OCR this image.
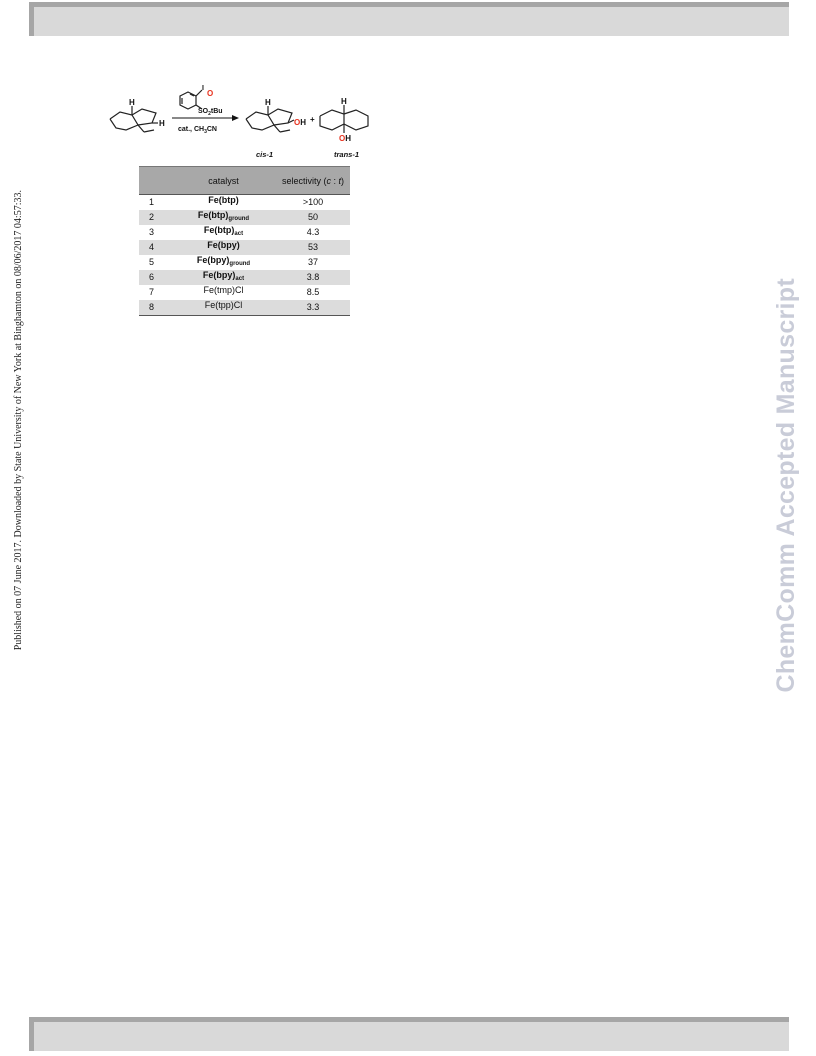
Published on 07 June 2017. Downloaded by State University of New York at Binghamton on 08/06/2017 04:57:33.	ChemComm Accepted Manuscript
H
H
I
O
$SO_2tBu$
cat., $CH_3CN$
H
OH
cis-1
+
H
OH
trans-1
	catalyst	selectivity (c : t)
1	Fe(btp)	>100
2	$Fe(btp)_{ground}$	50
3	$Fe(btp)_{act}$	4.3
4	Fe(bpy)	53
5	$Fe(bpy)_{ground}$	37
6	$Fe(bpy)_{act}$	3.8
7	Fe(tmp)Cl	8.5
8	Fe(tpp)Cl	3.3
